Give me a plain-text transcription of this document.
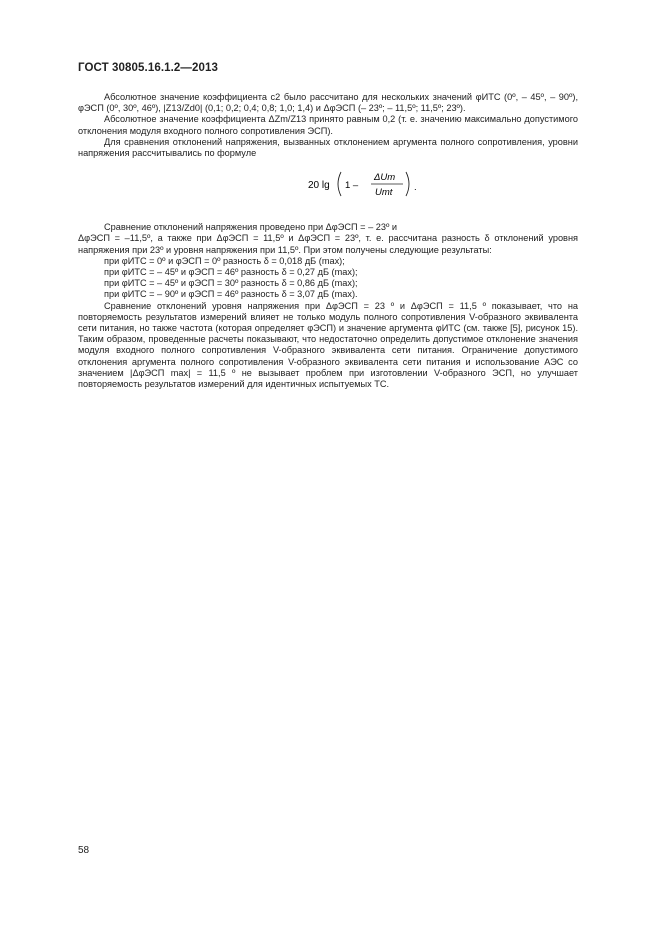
ГОСТ 30805.16.1.2—2013

Абсолютное значение коэффициента c2 было рассчитано для нескольких значений φИТС (0º, – 45º, – 90º), φЭСП (0º, 30º, 46º), |Z13/Zd0| (0,1; 0,2; 0,4; 0,8; 1,0; 1,4) и ΔφЭСП (– 23º; – 11,5º; 11,5º; 23º).

Абсолютное значение коэффициента ΔZm/Z13 принято равным 0,2 (т. е. значению максимально допустимого отклонения модуля входного полного сопротивления ЭСП).

Для сравнения отклонений напряжения, вызванных отклонением аргумента полного сопротивления, уровни напряжения рассчитывались по формуле

20 lg 1 –
ΔUm
Umt .

Сравнение отклонений напряжения проведено при ΔφЭСП = – 23º и

ΔφЭСП = –11,5º, а также при ΔφЭСП = 11,5º и ΔφЭСП = 23º, т. е. рассчитана разность δ отклонений уровня напряжения при 23º и уровня напряжения при 11,5º. При этом получены следующие результаты:

при φИТС = 0º и φЭСП = 0º разность δ = 0,018 дБ (max);

при φИТС = – 45º и φЭСП = 46º разность δ = 0,27 дБ (max);

при φИТС = – 45º и φЭСП = 30º разность δ = 0,86 дБ (max);

при φИТС = – 90º и φЭСП = 46º разность δ = 3,07 дБ (max).

Сравнение отклонений уровня напряжения при ΔφЭСП = 23 º и ΔφЭСП = 11,5 º показывает, что на повторяемость результатов измерений влияет не только модуль полного сопротивления V-образного эквивалента сети питания, но также частота (которая определяет φЭСП) и значение аргумента φИТС (см. также [5], рисунок 15). Таким образом, проведенные расчеты показывают, что недостаточно определить допустимое отклонение значения модуля входного полного сопротивления V-образного эквивалента сети питания. Ограничение допустимого отклонения аргумента полного сопротивления V-образного эквивалента сети питания и использование АЭС со значением |ΔφЭСП max| = 11,5 º не вызывает проблем при изготовлении V-образного ЭСП, но улучшает повторяемость результатов измерений для идентичных испытуемых ТС.

58
